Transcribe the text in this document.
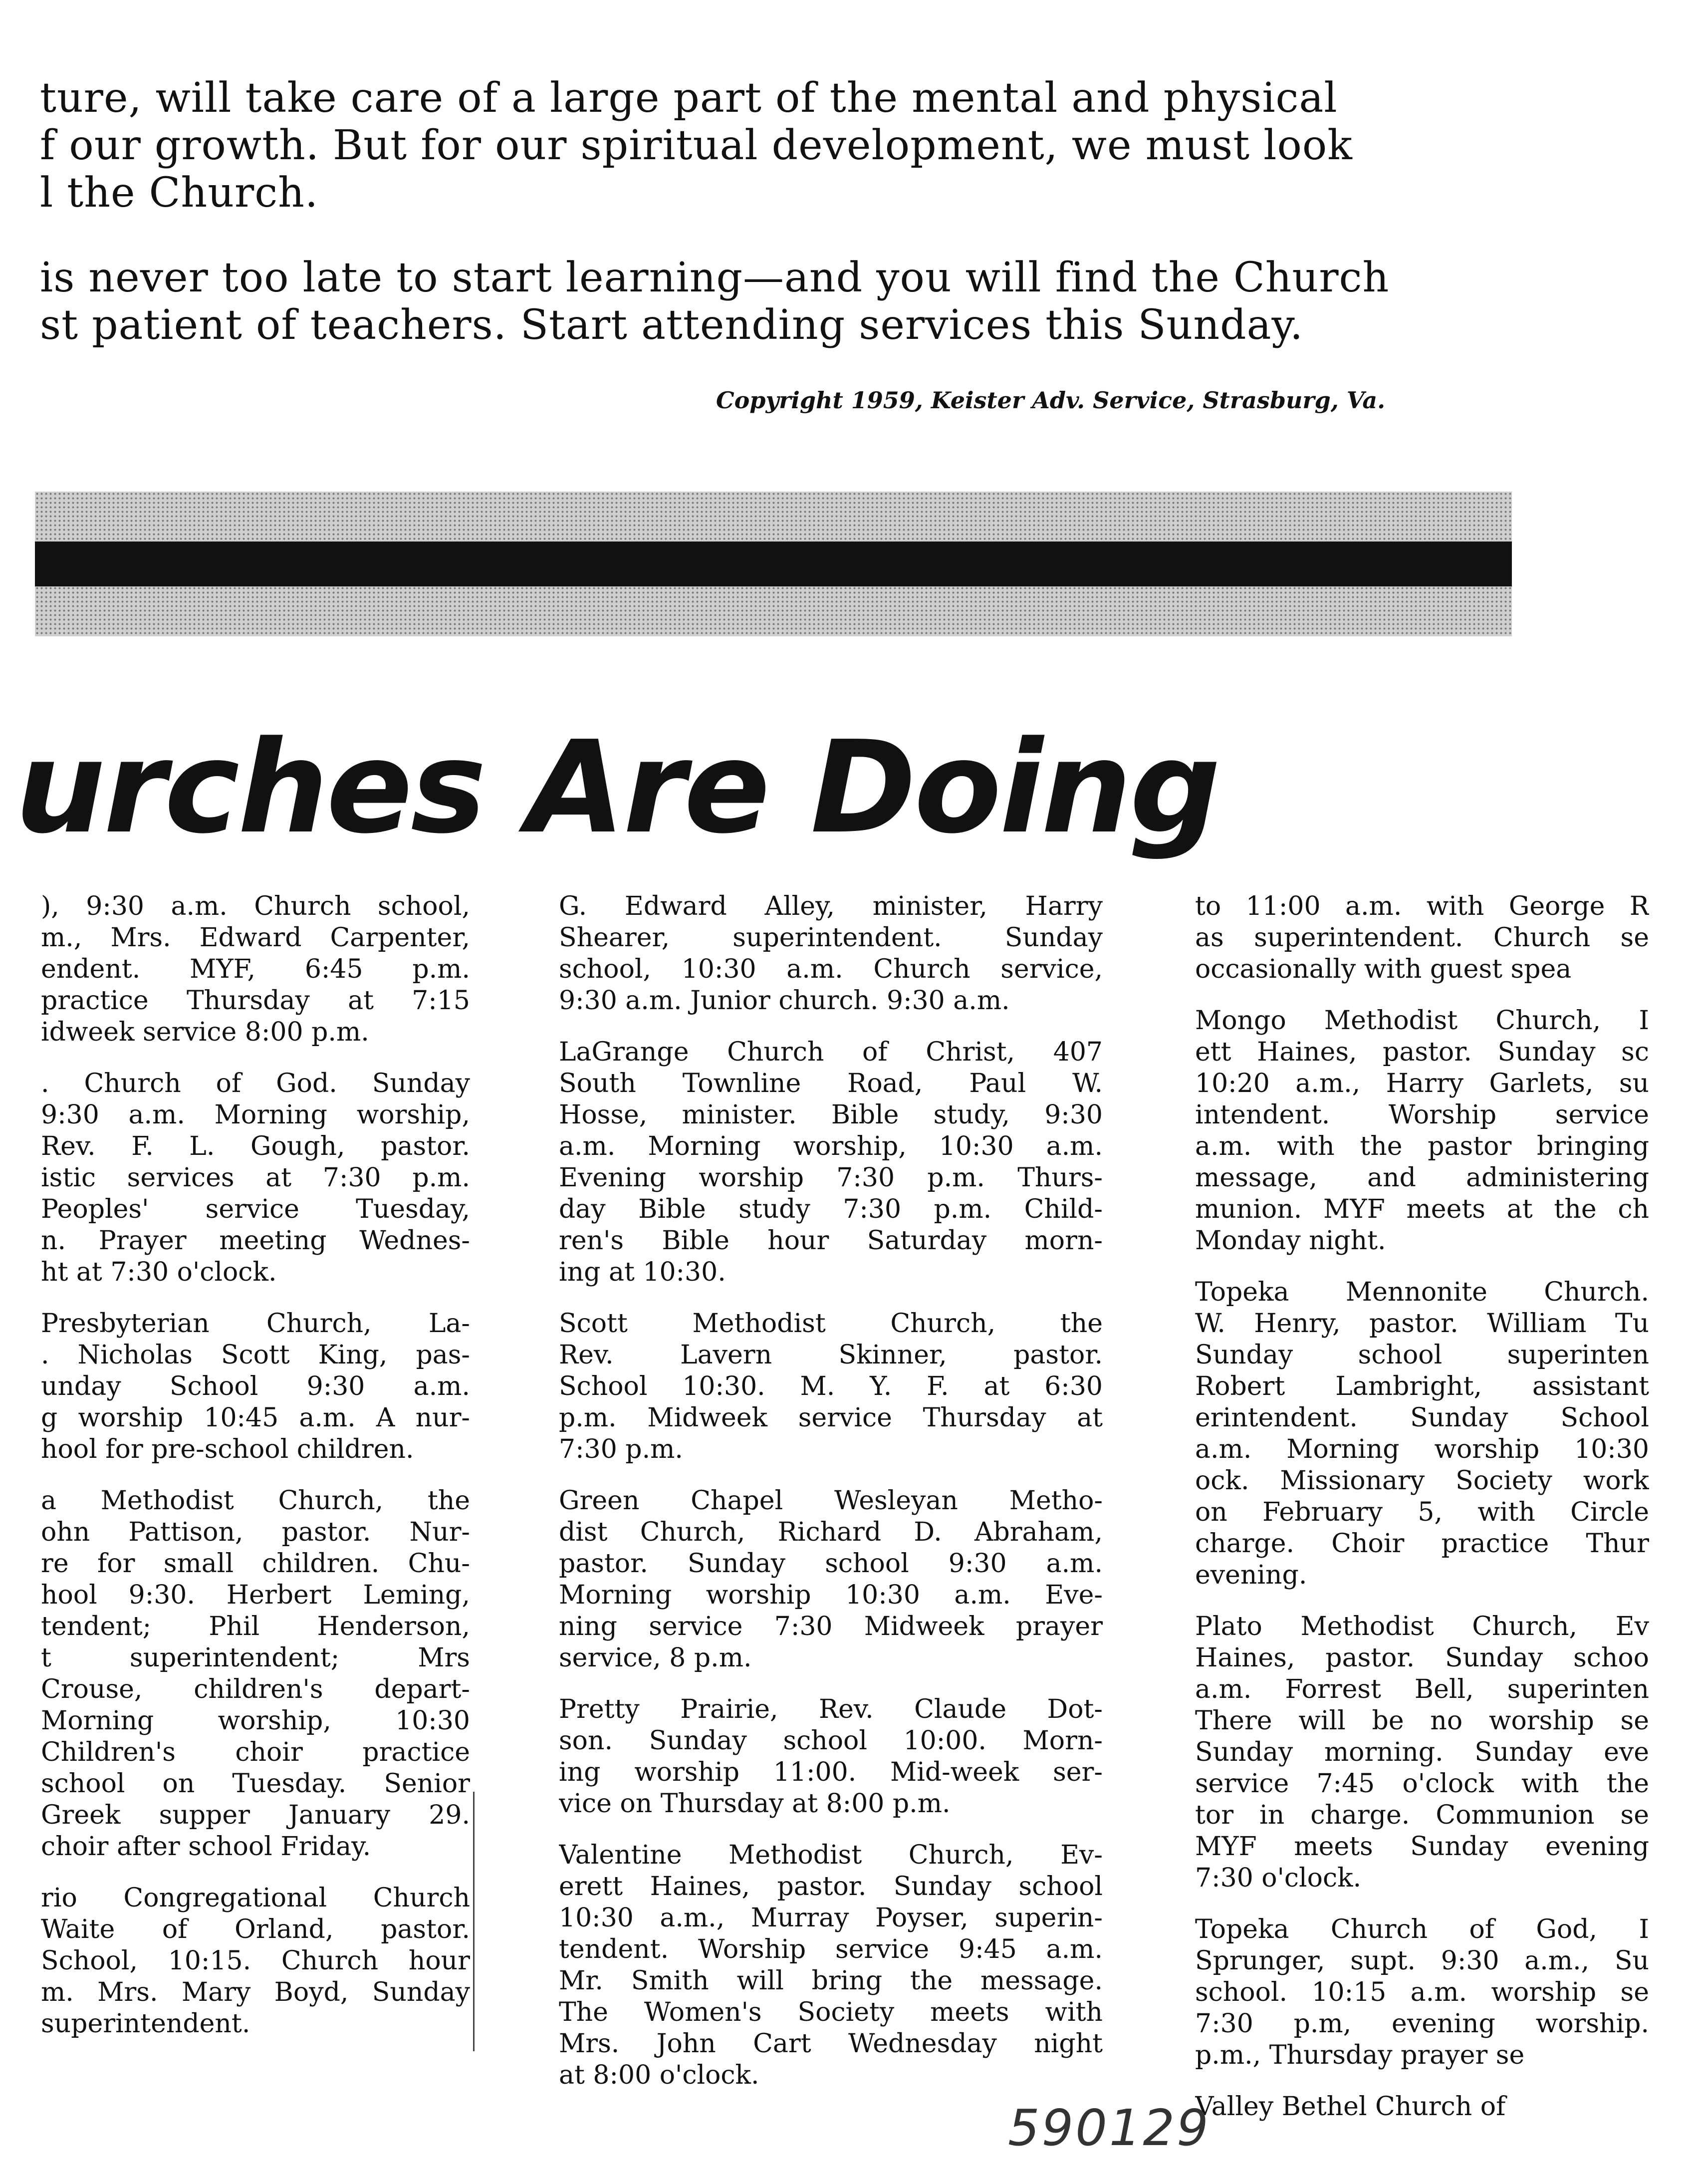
ture, will take care of a large part of the mental and physical
f our growth. But for our spiritual development, we must look
l the Church.
is never too late to start learning—and you will find the Church
st patient of teachers. Start attending services this Sunday.
Copyright 1959, Keister Adv. Service, Strasburg, Va.
urches Are Doing

), 9:30 a.m. Church school,
m., Mrs. Edward Carpenter,
endent. MYF, 6:45 p.m.
practice Thursday at 7:15
idweek service 8:00 p.m.

. Church of God. Sunday
9:30 a.m. Morning worship,
Rev. F. L. Gough, pastor.
istic services at 7:30 p.m.
Peoples' service Tuesday,
n. Prayer meeting Wednes-
ht at 7:30 o'clock.

Presbyterian Church, La-
. Nicholas Scott King, pas-
unday School 9:30 a.m.
g worship 10:45 a.m. A nur-
hool for pre-school children.

a Methodist Church, the
ohn Pattison, pastor. Nur-
re for small children. Chu-
hool 9:30. Herbert Leming,
tendent; Phil Henderson,
t superintendent; Mrs
Crouse, children's depart-
Morning worship, 10:30
Children's choir practice
school on Tuesday. Senior
Greek supper January 29.
choir after school Friday.

rio Congregational Church
Waite of Orland, pastor.
School, 10:15. Church hour
m. Mrs. Mary Boyd, Sunday
superintendent.

G. Edward Alley, minister, Harry
Shearer, superintendent. Sunday
school, 10:30 a.m. Church service,
9:30 a.m. Junior church. 9:30 a.m.

LaGrange Church of Christ, 407
South Townline Road, Paul W.
Hosse, minister. Bible study, 9:30
a.m. Morning worship, 10:30 a.m.
Evening worship 7:30 p.m. Thurs-
day Bible study 7:30 p.m. Child-
ren's Bible hour Saturday morn-
ing at 10:30.

Scott Methodist Church, the
Rev. Lavern Skinner, pastor.
School 10:30. M. Y. F. at 6:30
p.m. Midweek service Thursday at
7:30 p.m.

Green Chapel Wesleyan Metho-
dist Church, Richard D. Abraham,
pastor. Sunday school 9:30 a.m.
Morning worship 10:30 a.m. Eve-
ning service 7:30 Midweek prayer
service, 8 p.m.

Pretty Prairie, Rev. Claude Dot-
son. Sunday school 10:00. Morn-
ing worship 11:00. Mid-week ser-
vice on Thursday at 8:00 p.m.

Valentine Methodist Church, Ev-
erett Haines, pastor. Sunday school
10:30 a.m., Murray Poyser, superin-
tendent. Worship service 9:45 a.m.
Mr. Smith will bring the message.
The Women's Society meets with
Mrs. John Cart Wednesday night
at 8:00 o'clock.

to 11:00 a.m. with George R
as superintendent. Church se
occasionally with guest spea

Mongo Methodist Church, I
ett Haines, pastor. Sunday sc
10:20 a.m., Harry Garlets, su
intendent. Worship service
a.m. with the pastor bringing
message, and administering
munion. MYF meets at the ch
Monday night.

Topeka Mennonite Church.
W. Henry, pastor. William Tu
Sunday school superinten
Robert Lambright, assistant
erintendent. Sunday School
a.m. Morning worship 10:30
ock. Missionary Society work
on February 5, with Circle
charge. Choir practice Thur
evening.

Plato Methodist Church, Ev
Haines, pastor. Sunday schoo
a.m. Forrest Bell, superinten
There will be no worship se
Sunday morning. Sunday eve
service 7:45 o'clock with the
tor in charge. Communion se
MYF meets Sunday evening
7:30 o'clock.

Topeka Church of God, I
Sprunger, supt. 9:30 a.m., Su
school. 10:15 a.m. worship se
7:30 p.m, evening worship.
p.m., Thursday prayer se

Valley Bethel Church of

590129
